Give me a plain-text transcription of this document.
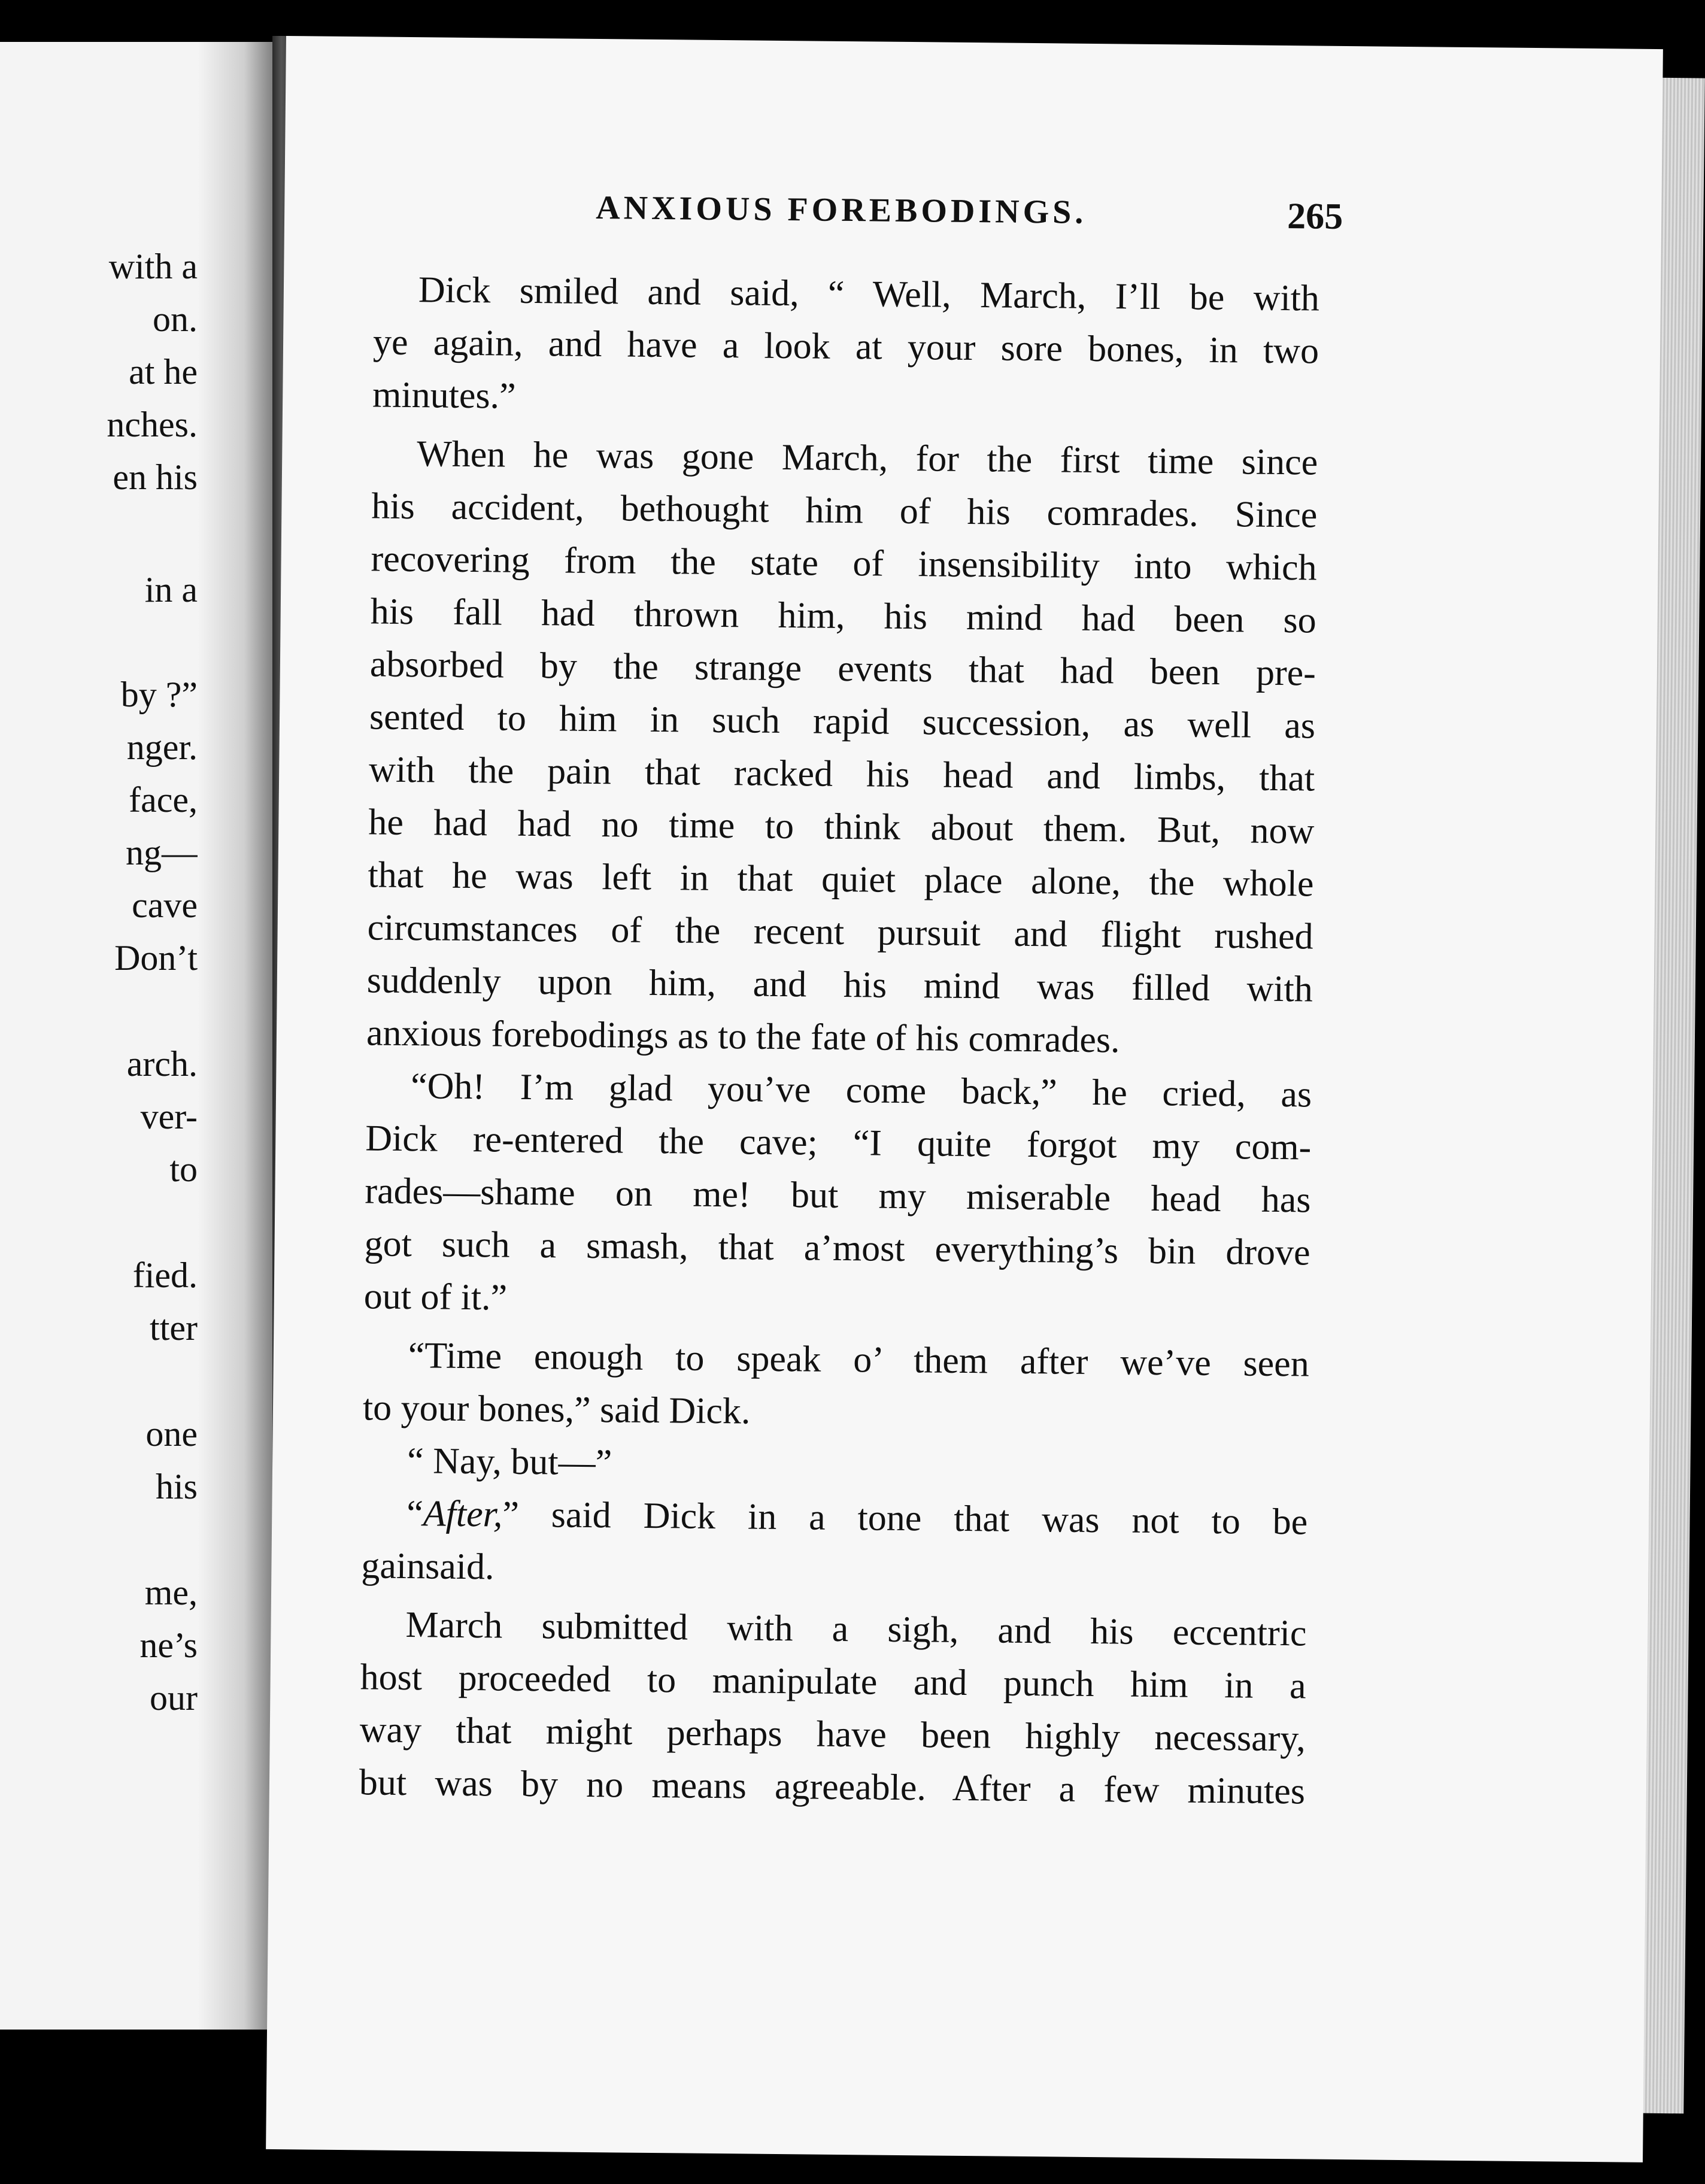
with a
on.
at he
nches.
en his
in a
by ?”
nger.
face,
ng—
cave
Don’t
arch.
ver-
to
fied.
tter
one
his
me,
ne’s
our
ANXIOUS FOREBODINGS.	265
Dick smiled and said, “ Well, March, I’ll be with
ye again, and have a look at your sore bones, in two
minutes.”
When he was gone March, for the first time since
his accident, bethought him of his comrades. Since
recovering from the state of insensibility into which
his fall had thrown him, his mind had been so
absorbed by the strange events that had been pre-
sented to him in such rapid succession, as well as
with the pain that racked his head and limbs, that
he had had no time to think about them. But, now
that he was left in that quiet place alone, the whole
circumstances of the recent pursuit and flight rushed
suddenly upon him, and his mind was filled with
anxious forebodings as to the fate of his comrades.
“Oh! I’m glad you’ve come back,” he cried, as
Dick re-entered the cave; “I quite forgot my com-
rades—shame on me! but my miserable head has
got such a smash, that a’most everything’s bin drove
out of it.”
“Time enough to speak o’ them after we’ve seen
to your bones,” said Dick.
“ Nay, but—”
“After,” said Dick in a tone that was not to be
gainsaid.
March submitted with a sigh, and his eccentric
host proceeded to manipulate and punch him in a
way that might perhaps have been highly necessary,
but was by no means agreeable. After a few minutes
